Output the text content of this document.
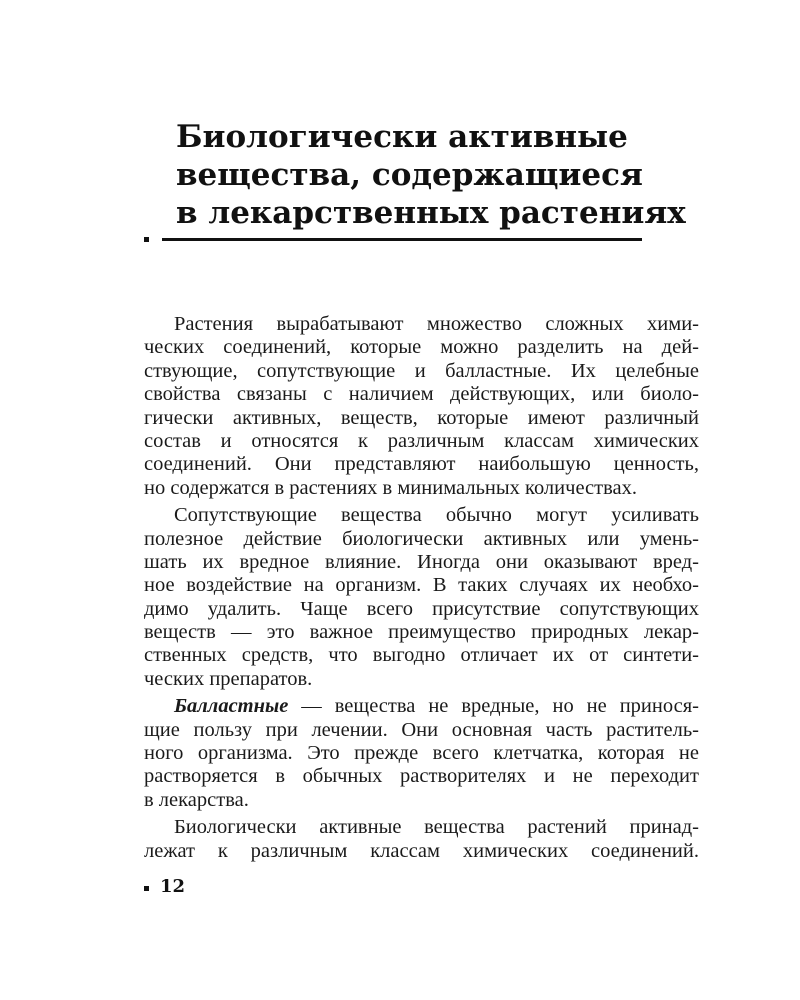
Биологически активные
вещества, содержащиеся
в лекарственных растениях
Растения вырабатывают множество сложных хими-
ческих соединений, которые можно разделить на дей-
ствующие, сопутствующие и балластные. Их целебные
свойства связаны с наличием действующих, или биоло-
гически активных, веществ, которые имеют различный
состав и относятся к различным классам химических
соединений. Они представляют наибольшую ценность,
но содержатся в растениях в минимальных количествах.
Сопутствующие вещества обычно могут усиливать
полезное действие биологически активных или умень-
шать их вредное влияние. Иногда они оказывают вред-
ное воздействие на организм. В таких случаях их необхо-
димо удалить. Чаще всего присутствие сопутствующих
веществ — это важное преимущество природных лекар-
ственных средств, что выгодно отличает их от синтети-
ческих препаратов.
Балластные — вещества не вредные, но не принося-
щие пользу при лечении. Они основная часть раститель-
ного организма. Это прежде всего клетчатка, которая не
растворяется в обычных растворителях и не переходит
в лекарства.
Биологически активные вещества растений принад-
лежат к различным классам химических соединений.
12
